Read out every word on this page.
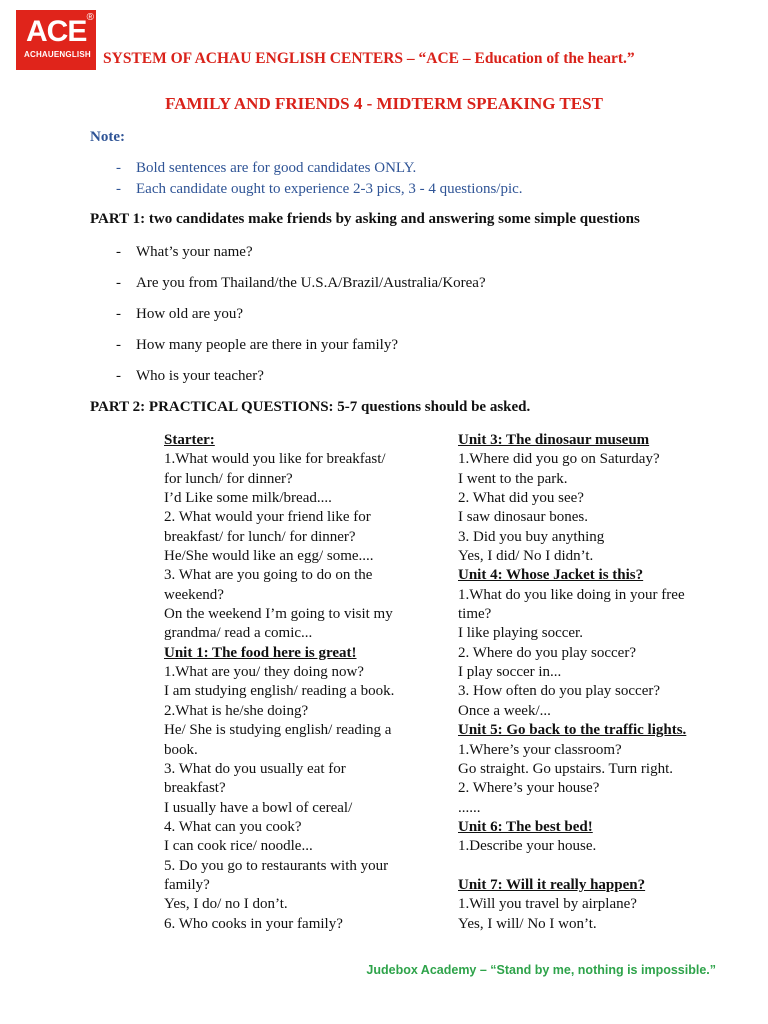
ACE
ACHAUENGLISH
®
SYSTEM OF ACHAU ENGLISH CENTERS – “ACE – Education of the heart.”
FAMILY AND FRIENDS 4 - MIDTERM SPEAKING TEST
Note:
- Bold sentences are for good candidates ONLY.
- Each candidate ought to experience 2-3 pics, 3 - 4 questions/pic.
PART 1: two candidates make friends by asking and answering some simple questions
- What’s your name?
- Are you from Thailand/the U.S.A/Brazil/Australia/Korea?
- How old are you?
- How many people are there in your family?
- Who is your teacher?
PART 2: PRACTICAL QUESTIONS: 5-7 questions should be asked.
Starter:
1.What would you like for breakfast/
for lunch/ for dinner?
I’d Like some milk/bread....
2. What would your friend like for
breakfast/ for lunch/ for dinner?
He/She would like an egg/ some....
3. What are you going to do on the
weekend?
On the weekend I’m going to visit my
grandma/ read a comic...
Unit 1: The food here is great!
1.What are you/ they doing now?
I am studying english/ reading a book.
2.What is he/she doing?
He/ She is studying english/ reading a
book.
3. What do you usually eat for
breakfast?
I usually have a bowl of cereal/
4. What can you cook?
I can cook rice/ noodle...
5. Do you go to restaurants with your
family?
Yes, I do/ no I don’t.
6. Who cooks in your family?
Unit 3: The dinosaur museum
1.Where did you go on Saturday?
I went to the park.
2. What did you see?
I saw dinosaur bones.
3. Did you buy anything
Yes, I did/ No I didn’t.
Unit 4: Whose Jacket is this?
1.What do you like doing in your free
time?
I like playing soccer.
2. Where do you play soccer?
I play soccer in...
3. How often do you play soccer?
Once a week/...
Unit 5: Go back to the traffic lights.
1.Where’s your classroom?
Go straight. Go upstairs. Turn right.
2. Where’s your house?
......
Unit 6: The best bed!
1.Describe your house.
Unit 7: Will it really happen?
1.Will you travel by airplane?
Yes, I will/ No I won’t.
Judebox Academy – “Stand by me, nothing is impossible.”
